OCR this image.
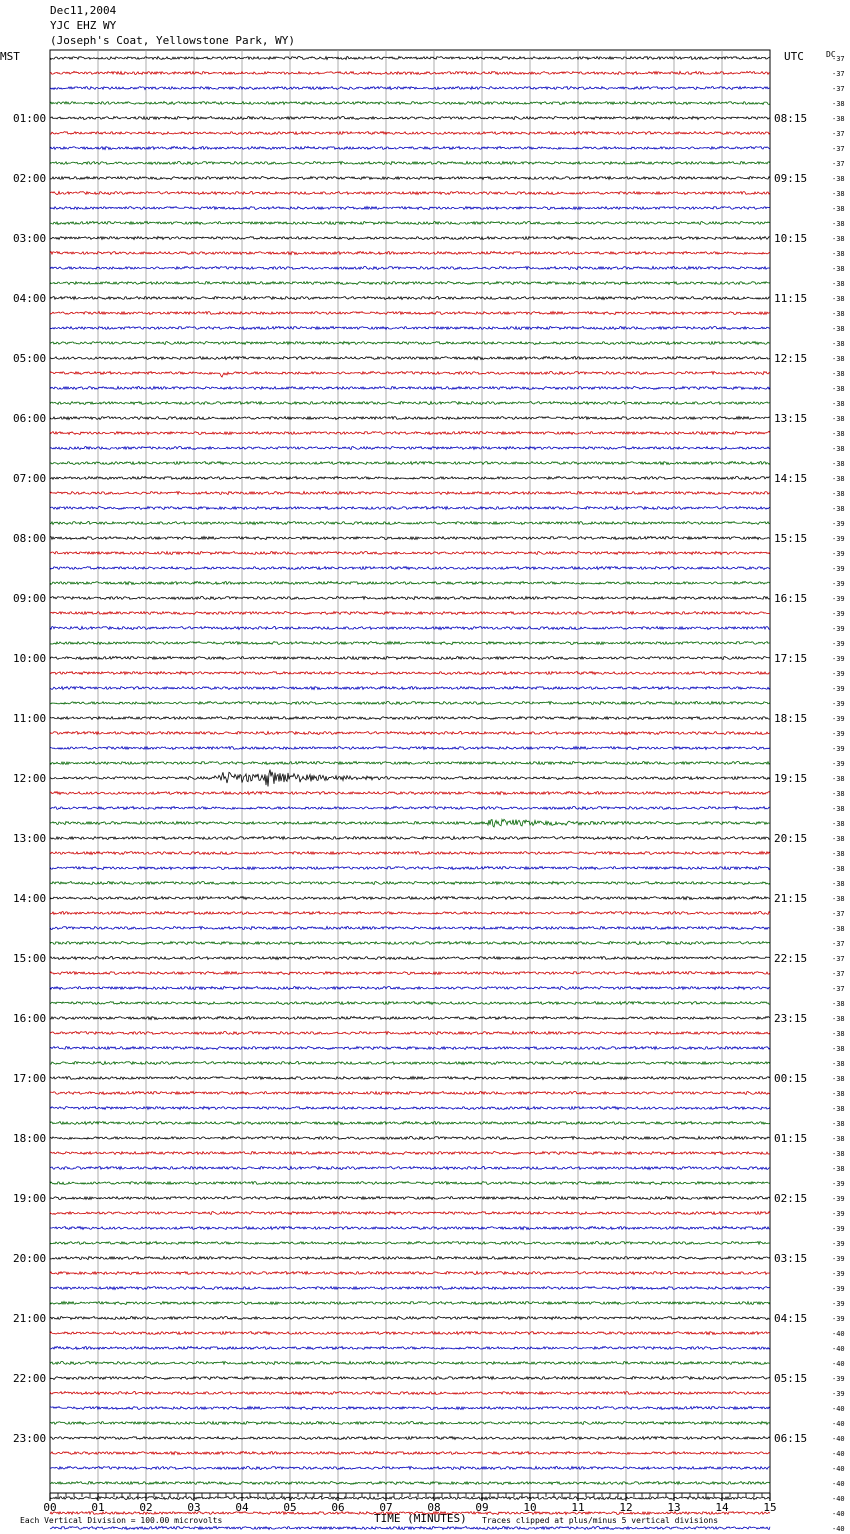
Dec11,2004
YJC EHZ WY
(Joseph's Coat, Yellowstone Park, WY)
MST	UTC	DC
Each Vertical Division = 100.00 microvolts	TIME (MINUTES) Traces clipped at plus/minus 5 vertical divisions
-37
-37
-37
-38
-38
-37
-37
-37
-38
-38
-38
-38
-38
-38
-38
-38
-38
-38
-38
-38
-38
-38
-38
-38
-38
-38
-38
-38
-38
-38
-38
-39
-39
-39
-39
-39
-39
-39
-39
-39
-39
-39
-39
-39
-39
-39
-39
-39
-38
-38
-38
-38
-38
-38
-38
-38
-38
-37
-38
-37
-37
-37
-37
-38
-38
-38
-38
-38
-38
-38
-38
-38
-38
-38
-38
-39
-39
-39
-39
-39
-39
-39
-39
-39
-39
-40
-40
-40
-39
-39
-40
-40
-40
-40
-40
-40
-40
-40
-40
01:00
02:00
03:00
04:00
05:00
06:00
07:00
08:00
09:00
10:00
11:00
12:00
13:00
14:00
15:00
16:00
17:00
18:00
19:00
20:00
21:00
22:00
23:00
08:15
09:15
10:15
11:15
12:15
13:15
14:15
15:15
16:15
17:15
18:15
19:15
20:15
21:15
22:15
23:15
00:15
01:15
02:15
03:15
04:15
05:15
06:15
00	01	02	03	04	05	06	07	08	09	10	11	12	13	14	15
